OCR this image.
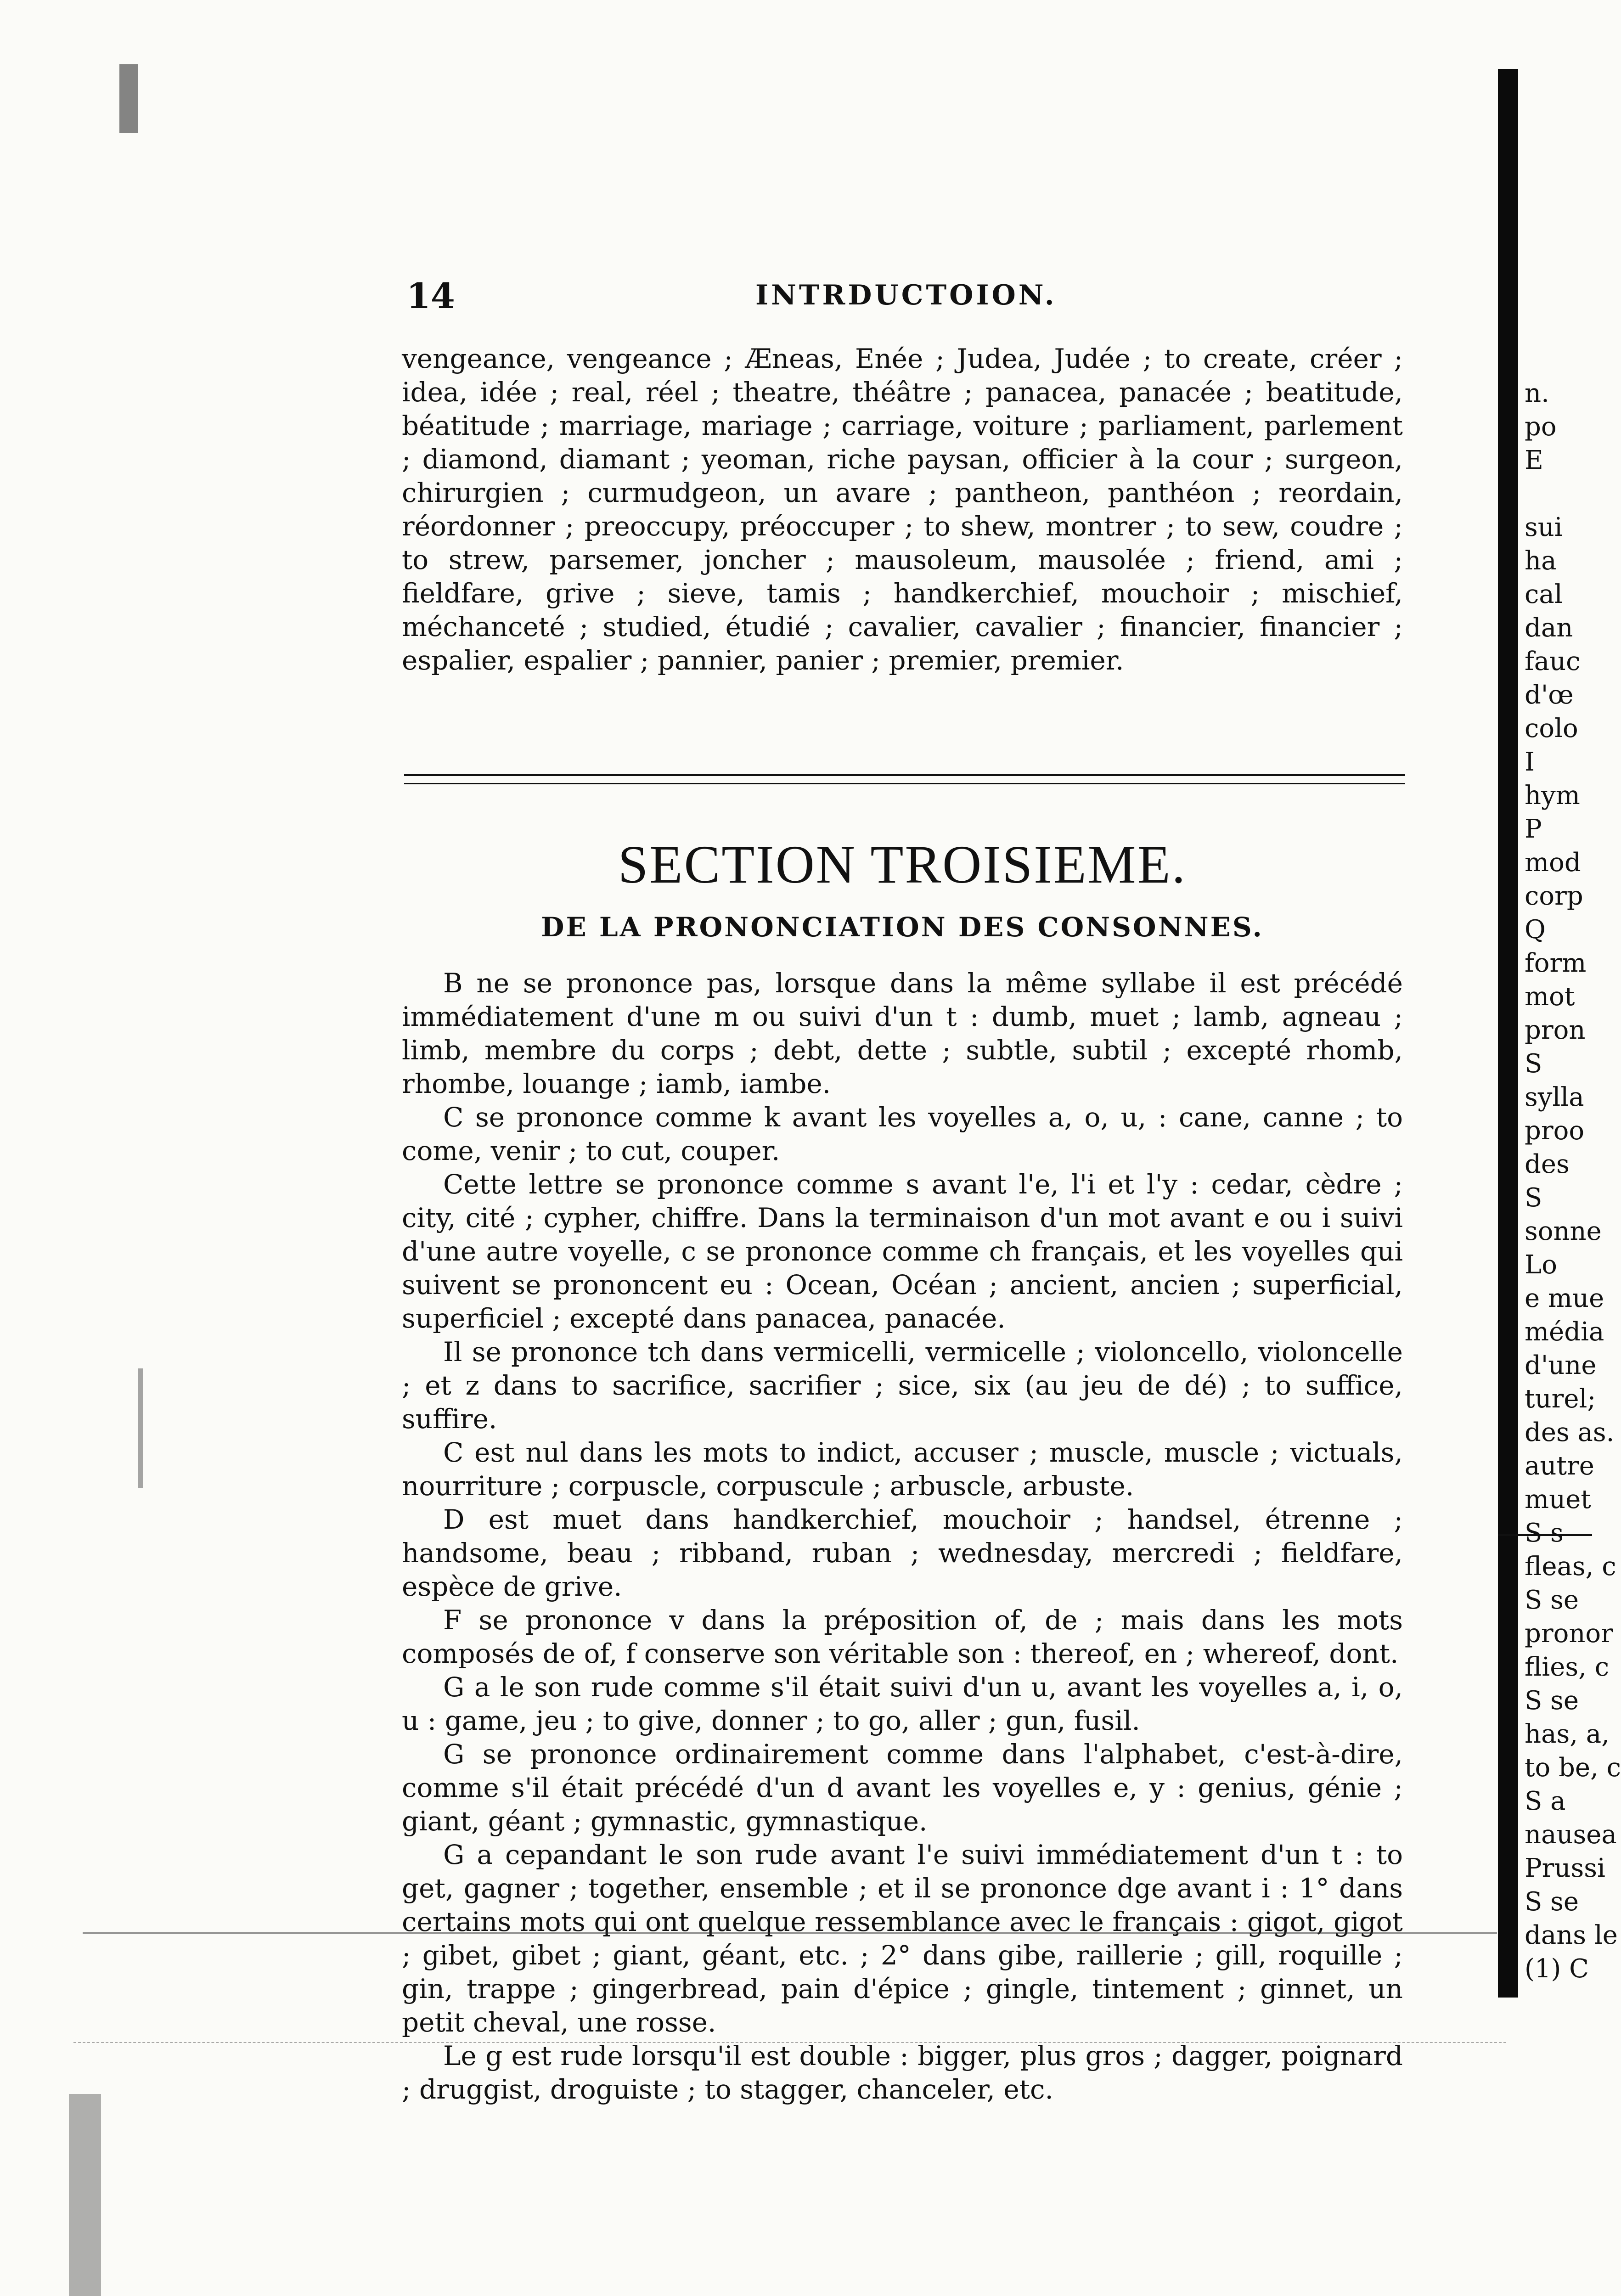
14	INTRDUCTOION.

vengeance, vengeance ; Æneas, Enée ; Judea, Judée ; to create, créer ; idea, idée ; real, réel ; theatre, théâtre ; panacea, panacée ; beatitude, béatitude ; marriage, mariage ; carriage, voiture ; parliament, parlement ; diamond, diamant ; yeoman, riche paysan, officier à la cour ; surgeon, chirurgien ; curmudgeon, un avare ; pantheon, panthéon ; reordain, réordonner ; preoccupy, préoccuper ; to shew, montrer ; to sew, coudre ; to strew, parsemer, joncher ; mausoleum, mausolée ; friend, ami ; fieldfare, grive ; sieve, tamis ; handkerchief, mouchoir ; mischief, méchanceté ; studied, étudié ; cavalier, cavalier ; financier, financier ; espalier, espalier ; pannier, panier ; premier, premier.

SECTION TROISIEME.
DE LA PRONONCIATION DES CONSONNES.

B ne se prononce pas, lorsque dans la même syllabe il est précédé immédiatement d'une m ou suivi d'un t : dumb, muet ; lamb, agneau ; limb, membre du corps ; debt, dette ; subtle, subtil ; excepté rhomb, rhombe, louange ; iamb, iambe.

C se prononce comme k avant les voyelles a, o, u, : cane, canne ; to come, venir ; to cut, couper.

Cette lettre se prononce comme s avant l'e, l'i et l'y : cedar, cèdre ; city, cité ; cypher, chiffre. Dans la terminaison d'un mot avant e ou i suivi d'une autre voyelle, c se prononce comme ch français, et les voyelles qui suivent se prononcent eu : Ocean, Océan ; ancient, ancien ; superficial, superficiel ; excepté dans panacea, panacée.

Il se prononce tch dans vermicelli, vermicelle ; violoncello, violoncelle ; et z dans to sacrifice, sacrifier ; sice, six (au jeu de dé) ; to suffice, suffire.

C est nul dans les mots to indict, accuser ; muscle, muscle ; victuals, nourriture ; corpuscle, corpuscule ; arbuscle, arbuste.

D est muet dans handkerchief, mouchoir ; handsel, étrenne ; handsome, beau ; ribband, ruban ; wednesday, mercredi ; fieldfare, espèce de grive.

F se prononce v dans la préposition of, de ; mais dans les mots composés de of, f conserve son véritable son : thereof, en ; whereof, dont.

G a le son rude comme s'il était suivi d'un u, avant les voyelles a, i, o, u : game, jeu ; to give, donner ; to go, aller ; gun, fusil.

G se prononce ordinairement comme dans l'alphabet, c'est-à-dire, comme s'il était précédé d'un d avant les voyelles e, y : genius, génie ; giant, géant ; gymnastic, gymnastique.

G a cepandant le son rude avant l'e suivi immédiatement d'un t : to get, gagner ; together, ensemble ; et il se prononce dge avant i : 1° dans certains mots qui ont quelque ressemblance avec le français : gigot, gigot ; gibet, gibet ; giant, géant, etc. ; 2° dans gibe, raillerie ; gill, roquille ; gin, trappe ; gingerbread, pain d'épice ; gingle, tintement ; ginnet, un petit cheval, une rosse.

Le g est rude lorsqu'il est double : bigger, plus gros ; dagger, poignard ; druggist, droguiste ; to stagger, chanceler, etc.

n.
po
E
sui
ha
cal
dan
fauc
d'œ
colo
I
hym
P
mod
corp
Q
form
mot
pron
S
sylla
proo
des
S
sonne
Lo
e mue
média
d'une
turel;
des as.
autre
muet
S s
fleas, c
S se
pronor
flies, c
S se
has, a,
to be, c
S a
nausea
Prussi
S se
dans le
(1) C
